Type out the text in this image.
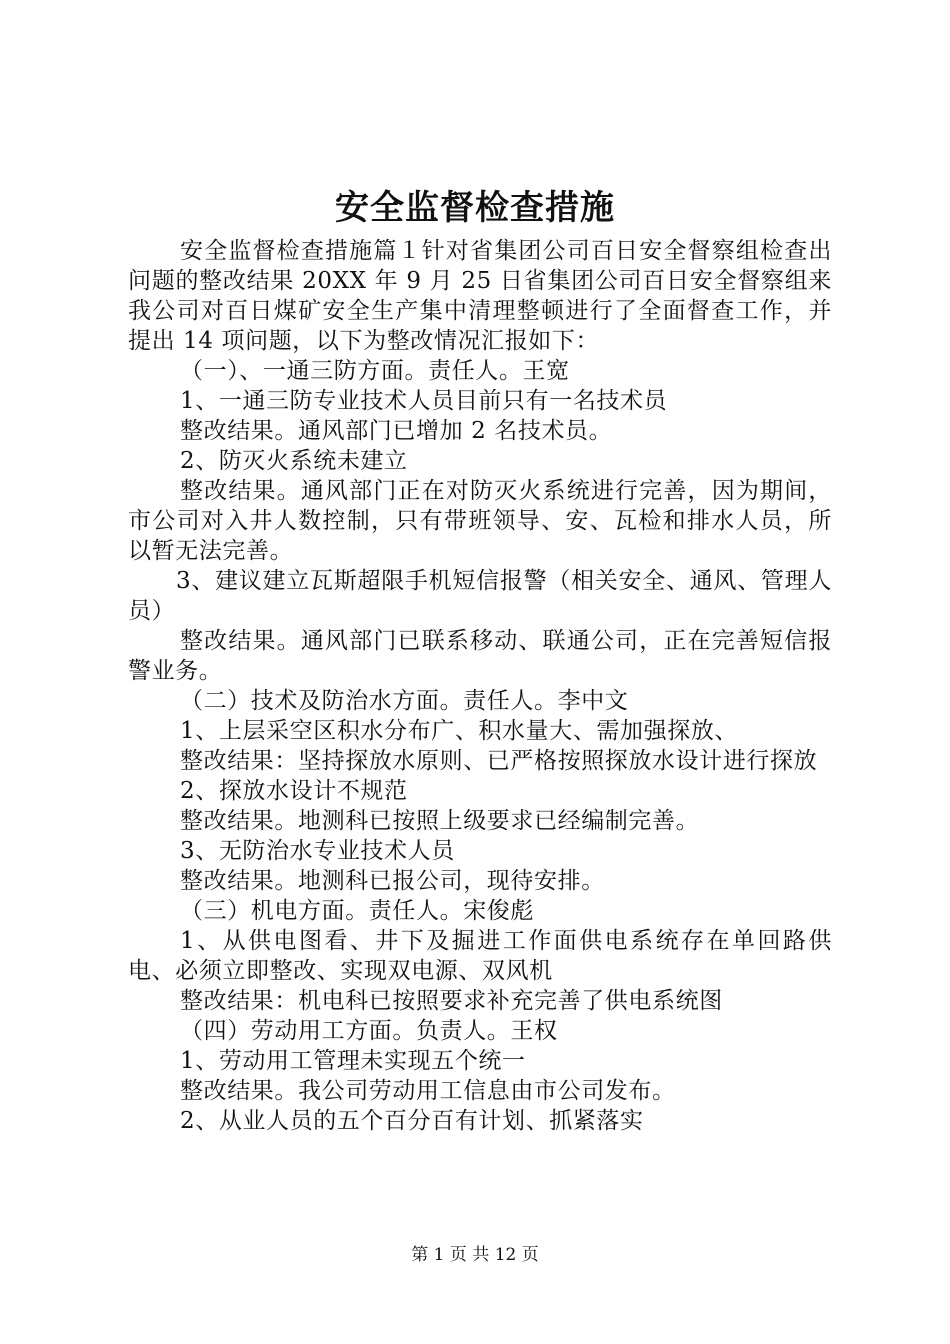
安全监督检查措施

安全监督检查措施篇１针对省集团公司百日安全督察组检查出问题的整改结果 20XX 年 9 月 25 日省集团公司百日安全督察组来我公司对百日煤矿安全生产集中清理整顿进行了全面督查工作，并提出 14 项问题，以下为整改情况汇报如下：

（一）、一通三防方面。责任人。王宽

1、一通三防专业技术人员目前只有一名技术员

整改结果。通风部门已增加 2 名技术员。

2、防灭火系统未建立

整改结果。通风部门正在对防灭火系统进行完善，因为期间，市公司对入井人数控制，只有带班领导、安、瓦检和排水人员，所以暂无法完善。

3、建议建立瓦斯超限手机短信报警（相关安全、通风、管理人员）

整改结果。通风部门已联系移动、联通公司，正在完善短信报警业务。

（二）技术及防治水方面。责任人。李中文

1、上层采空区积水分布广、积水量大、需加强探放、

整改结果：坚持探放水原则、已严格按照探放水设计进行探放

2、探放水设计不规范

整改结果。地测科已按照上级要求已经编制完善。

3、无防治水专业技术人员

整改结果。地测科已报公司，现待安排。

（三）机电方面。责任人。宋俊彪

1、从供电图看、井下及掘进工作面供电系统存在单回路供电、必须立即整改、实现双电源、双风机

整改结果：机电科已按照要求补充完善了供电系统图

（四）劳动用工方面。负责人。王权

1、劳动用工管理未实现五个统一

整改结果。我公司劳动用工信息由市公司发布。

2、从业人员的五个百分百有计划、抓紧落实

第 1 页 共 12 页
